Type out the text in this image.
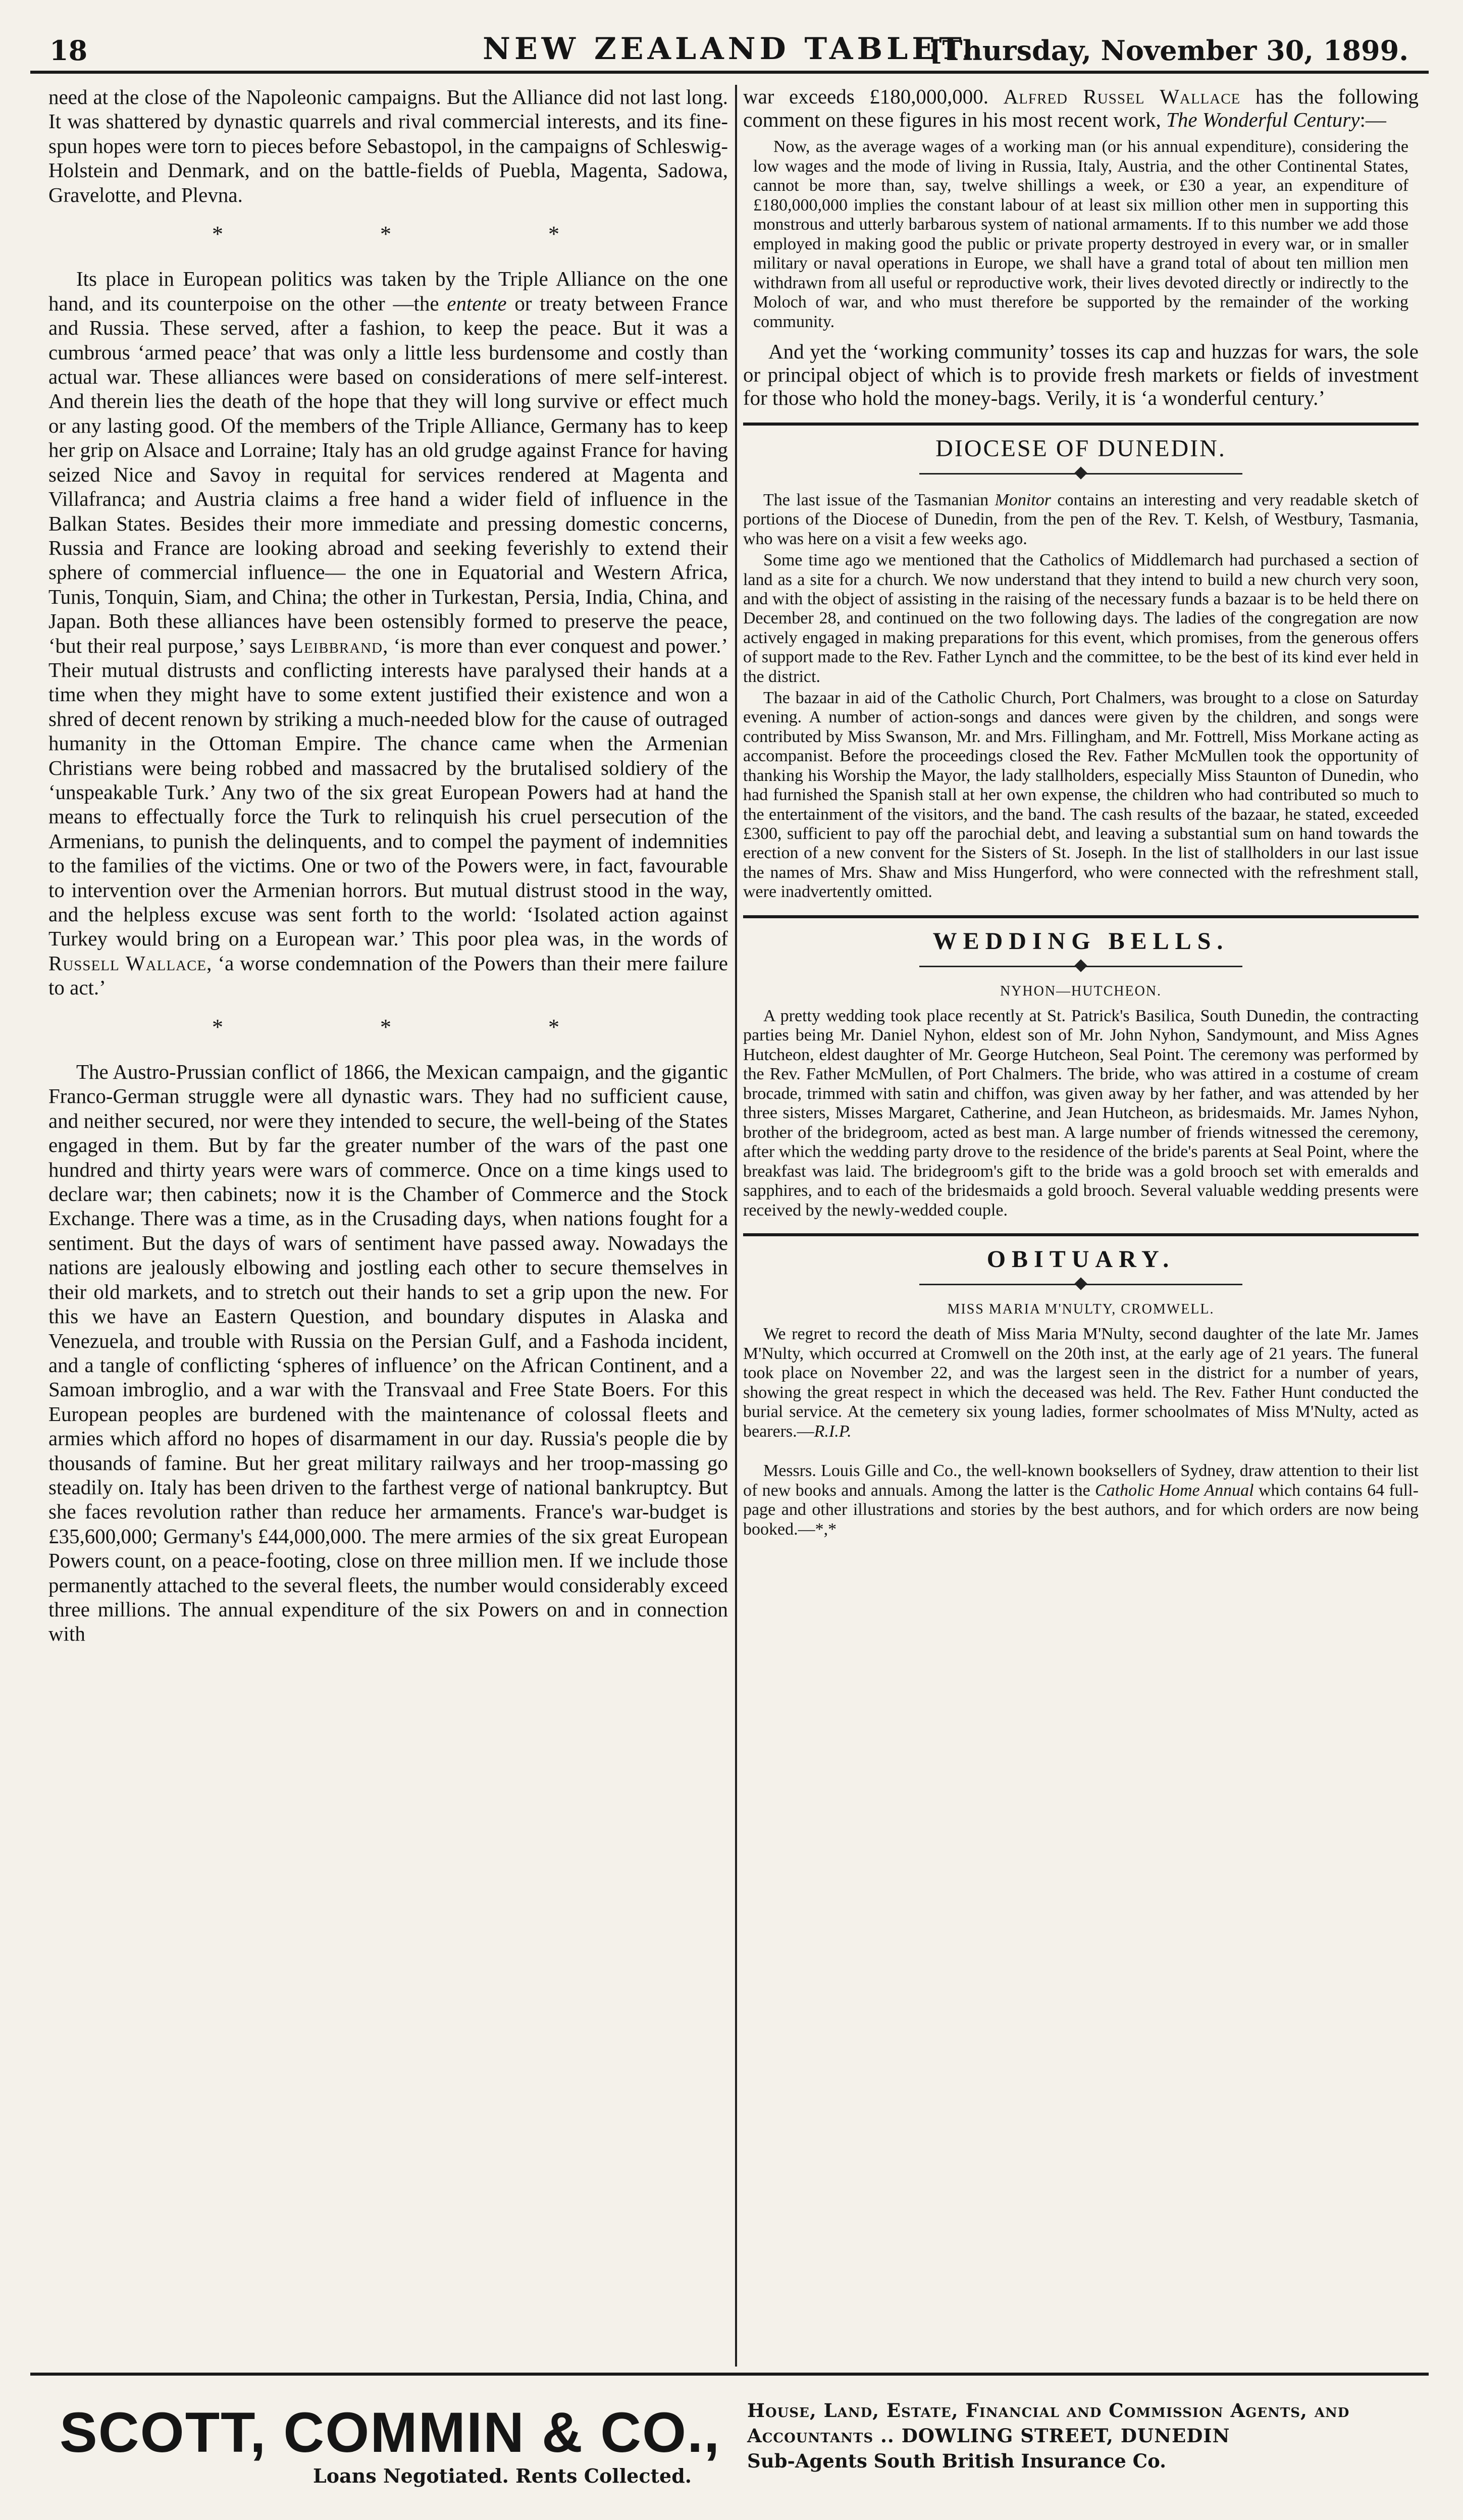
18	NEW ZEALAND TABLET.
[Thursday, November 30, 1899.

need at the close of the Napoleonic campaigns. But the Alliance did not last long. It was shattered by dynastic quarrels and rival commercial interests, and its fine-spun hopes were torn to pieces before Sebastopol, in the campaigns of Schleswig-Holstein and Denmark, and on the battle-fields of Puebla, Magenta, Sadowa, Gravelotte, and Plevna.

* * *

Its place in European politics was taken by the Triple Alliance on the one hand, and its counterpoise on the other —the entente or treaty between France and Russia. These served, after a fashion, to keep the peace. But it was a cumbrous ‘armed peace’ that was only a little less burdensome and costly than actual war. These alliances were based on considerations of mere self-interest. And therein lies the death of the hope that they will long survive or effect much or any lasting good. Of the members of the Triple Alliance, Germany has to keep her grip on Alsace and Lorraine; Italy has an old grudge against France for having seized Nice and Savoy in requital for services rendered at Magenta and Villafranca; and Austria claims a free hand a wider field of influence in the Balkan States. Besides their more immediate and pressing domestic concerns, Russia and France are looking abroad and seeking feverishly to extend their sphere of commercial influence— the one in Equatorial and Western Africa, Tunis, Tonquin, Siam, and China; the other in Turkestan, Persia, India, China, and Japan. Both these alliances have been ostensibly formed to preserve the peace, ‘but their real purpose,’ says Leibbrand, ‘is more than ever conquest and power.’ Their mutual distrusts and conflicting interests have paralysed their hands at a time when they might have to some extent justified their existence and won a shred of decent renown by striking a much-needed blow for the cause of outraged humanity in the Ottoman Empire. The chance came when the Armenian Christians were being robbed and massacred by the brutalised soldiery of the ‘unspeakable Turk.’ Any two of the six great European Powers had at hand the means to effectually force the Turk to relinquish his cruel persecution of the Armenians, to punish the delinquents, and to compel the payment of indemnities to the families of the victims. One or two of the Powers were, in fact, favourable to intervention over the Armenian horrors. But mutual distrust stood in the way, and the helpless excuse was sent forth to the world: ‘Isolated action against Turkey would bring on a European war.’ This poor plea was, in the words of Russell Wallace, ‘a worse condemnation of the Powers than their mere failure to act.’

* * *

The Austro-Prussian conflict of 1866, the Mexican campaign, and the gigantic Franco-German struggle were all dynastic wars. They had no sufficient cause, and neither secured, nor were they intended to secure, the well-being of the States engaged in them. But by far the greater number of the wars of the past one hundred and thirty years were wars of commerce. Once on a time kings used to declare war; then cabinets; now it is the Chamber of Commerce and the Stock Exchange. There was a time, as in the Crusading days, when nations fought for a sentiment. But the days of wars of sentiment have passed away. Nowadays the nations are jealously elbowing and jostling each other to secure themselves in their old markets, and to stretch out their hands to set a grip upon the new. For this we have an Eastern Question, and boundary disputes in Alaska and Venezuela, and trouble with Russia on the Persian Gulf, and a Fashoda incident, and a tangle of conflicting ‘spheres of influence’ on the African Continent, and a Samoan imbroglio, and a war with the Transvaal and Free State Boers. For this European peoples are burdened with the maintenance of colossal fleets and armies which afford no hopes of disarmament in our day. Russia's people die by thousands of famine. But her great military railways and her troop-massing go steadily on. Italy has been driven to the farthest verge of national bankruptcy. But she faces revolution rather than reduce her armaments. France's war-budget is £35,600,000; Germany's £44,000,000. The mere armies of the six great European Powers count, on a peace-footing, close on three million men. If we include those permanently attached to the several fleets, the number would considerably exceed three millions. The annual expenditure of the six Powers on and in connection with

war exceeds £180,000,000. Alfred Russel Wallace has the following comment on these figures in his most recent work, The Wonderful Century:—

Now, as the average wages of a working man (or his annual expenditure), considering the low wages and the mode of living in Russia, Italy, Austria, and the other Continental States, cannot be more than, say, twelve shillings a week, or £30 a year, an expenditure of £180,000,000 implies the constant labour of at least six million other men in supporting this monstrous and utterly barbarous system of national armaments. If to this number we add those employed in making good the public or private property destroyed in every war, or in smaller military or naval operations in Europe, we shall have a grand total of about ten million men withdrawn from all useful or reproductive work, their lives devoted directly or indirectly to the Moloch of war, and who must therefore be supported by the remainder of the working community.

And yet the ‘working community’ tosses its cap and huzzas for wars, the sole or principal object of which is to provide fresh markets or fields of investment for those who hold the money-bags. Verily, it is ‘a wonderful century.’

DIOCESE OF DUNEDIN.

The last issue of the Tasmanian Monitor contains an interesting and very readable sketch of portions of the Diocese of Dunedin, from the pen of the Rev. T. Kelsh, of Westbury, Tasmania, who was here on a visit a few weeks ago.

Some time ago we mentioned that the Catholics of Middlemarch had purchased a section of land as a site for a church. We now understand that they intend to build a new church very soon, and with the object of assisting in the raising of the necessary funds a bazaar is to be held there on December 28, and continued on the two following days. The ladies of the congregation are now actively engaged in making preparations for this event, which promises, from the generous offers of support made to the Rev. Father Lynch and the committee, to be the best of its kind ever held in the district.

The bazaar in aid of the Catholic Church, Port Chalmers, was brought to a close on Saturday evening. A number of action-songs and dances were given by the children, and songs were contributed by Miss Swanson, Mr. and Mrs. Fillingham, and Mr. Fottrell, Miss Morkane acting as accompanist. Before the proceedings closed the Rev. Father McMullen took the opportunity of thanking his Worship the Mayor, the lady stallholders, especially Miss Staunton of Dunedin, who had furnished the Spanish stall at her own expense, the children who had contributed so much to the entertainment of the visitors, and the band. The cash results of the bazaar, he stated, exceeded £300, sufficient to pay off the parochial debt, and leaving a substantial sum on hand towards the erection of a new convent for the Sisters of St. Joseph. In the list of stallholders in our last issue the names of Mrs. Shaw and Miss Hungerford, who were connected with the refreshment stall, were inadvertently omitted.

WEDDING BELLS.
NYHON—HUTCHEON.

A pretty wedding took place recently at St. Patrick's Basilica, South Dunedin, the contracting parties being Mr. Daniel Nyhon, eldest son of Mr. John Nyhon, Sandymount, and Miss Agnes Hutcheon, eldest daughter of Mr. George Hutcheon, Seal Point. The ceremony was performed by the Rev. Father McMullen, of Port Chalmers. The bride, who was attired in a costume of cream brocade, trimmed with satin and chiffon, was given away by her father, and was attended by her three sisters, Misses Margaret, Catherine, and Jean Hutcheon, as bridesmaids. Mr. James Nyhon, brother of the bridegroom, acted as best man. A large number of friends witnessed the ceremony, after which the wedding party drove to the residence of the bride's parents at Seal Point, where the breakfast was laid. The bridegroom's gift to the bride was a gold brooch set with emeralds and sapphires, and to each of the bridesmaids a gold brooch. Several valuable wedding presents were received by the newly-wedded couple.

OBITUARY.
MISS MARIA M'NULTY, CROMWELL.

We regret to record the death of Miss Maria M'Nulty, second daughter of the late Mr. James M'Nulty, which occurred at Cromwell on the 20th inst, at the early age of 21 years. The funeral took place on November 22, and was the largest seen in the district for a number of years, showing the great respect in which the deceased was held. The Rev. Father Hunt conducted the burial service. At the cemetery six young ladies, former schoolmates of Miss M'Nulty, acted as bearers.—R.I.P.

Messrs. Louis Gille and Co., the well-known booksellers of Sydney, draw attention to their list of new books and annuals. Among the latter is the Catholic Home Annual which contains 64 full-page and other illustrations and stories by the best authors, and for which orders are now being booked.—*,*

SCOTT, COMMIN & CO.,
Loans Negotiated. Rents Collected.
House, Land, Estate, Financial and Commission Agents, and
Accountants .. DOWLING STREET, DUNEDIN
Sub-Agents South British Insurance Co.
